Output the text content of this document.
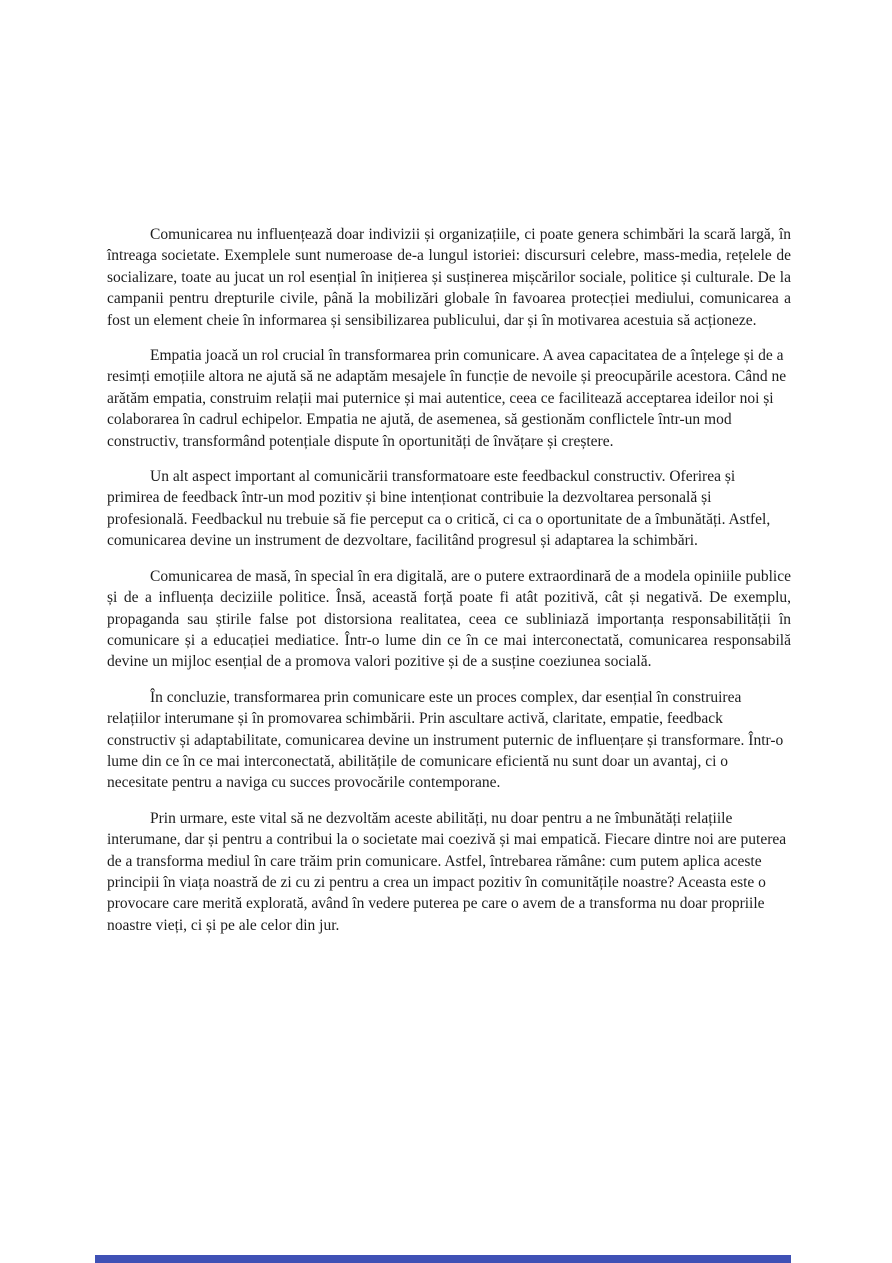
Comunicarea nu influențează doar indivizii și organizațiile, ci poate genera schimbări la scară largă, în întreaga societate. Exemplele sunt numeroase de-a lungul istoriei: discursuri celebre, mass-media, rețelele de socializare, toate au jucat un rol esențial în inițierea și susținerea mișcărilor sociale, politice și culturale. De la campanii pentru drepturile civile, până la mobilizări globale în favoarea protecției mediului, comunicarea a fost un element cheie în informarea și sensibilizarea publicului, dar și în motivarea acestuia să acționeze.

Empatia joacă un rol crucial în transformarea prin comunicare. A avea capacitatea de a înțelege și de a resimți emoțiile altora ne ajută să ne adaptăm mesajele în funcție de nevoile și preocupările acestora. Când ne arătăm empatia, construim relații mai puternice și mai autentice, ceea ce facilitează acceptarea ideilor noi și colaborarea în cadrul echipelor. Empatia ne ajută, de asemenea, să gestionăm conflictele într-un mod constructiv, transformând potențiale dispute în oportunități de învățare și creștere.

Un alt aspect important al comunicării transformatoare este feedbackul constructiv. Oferirea și primirea de feedback într-un mod pozitiv și bine intenționat contribuie la dezvoltarea personală și profesională. Feedbackul nu trebuie să fie perceput ca o critică, ci ca o oportunitate de a îmbunătăți. Astfel, comunicarea devine un instrument de dezvoltare, facilitând progresul și adaptarea la schimbări.

Comunicarea de masă, în special în era digitală, are o putere extraordinară de a modela opiniile publice și de a influența deciziile politice. Însă, această forță poate fi atât pozitivă, cât și negativă. De exemplu, propaganda sau știrile false pot distorsiona realitatea, ceea ce subliniază importanța responsabilității în comunicare și a educației mediatice. Într-o lume din ce în ce mai interconectată, comunicarea responsabilă devine un mijloc esențial de a promova valori pozitive și de a susține coeziunea socială.

În concluzie, transformarea prin comunicare este un proces complex, dar esențial în construirea relațiilor interumane și în promovarea schimbării. Prin ascultare activă, claritate, empatie, feedback constructiv și adaptabilitate, comunicarea devine un instrument puternic de influențare și transformare. Într-o lume din ce în ce mai interconectată, abilitățile de comunicare eficientă nu sunt doar un avantaj, ci o necesitate pentru a naviga cu succes provocările contemporane.

Prin urmare, este vital să ne dezvoltăm aceste abilități, nu doar pentru a ne îmbunătăți relațiile interumane, dar și pentru a contribui la o societate mai coezivă și mai empatică. Fiecare dintre noi are puterea de a transforma mediul în care trăim prin comunicare. Astfel, întrebarea rămâne: cum putem aplica aceste principii în viața noastră de zi cu zi pentru a crea un impact pozitiv în comunitățile noastre? Aceasta este o provocare care merită explorată, având în vedere puterea pe care o avem de a transforma nu doar propriile noastre vieți, ci și pe ale celor din jur.
